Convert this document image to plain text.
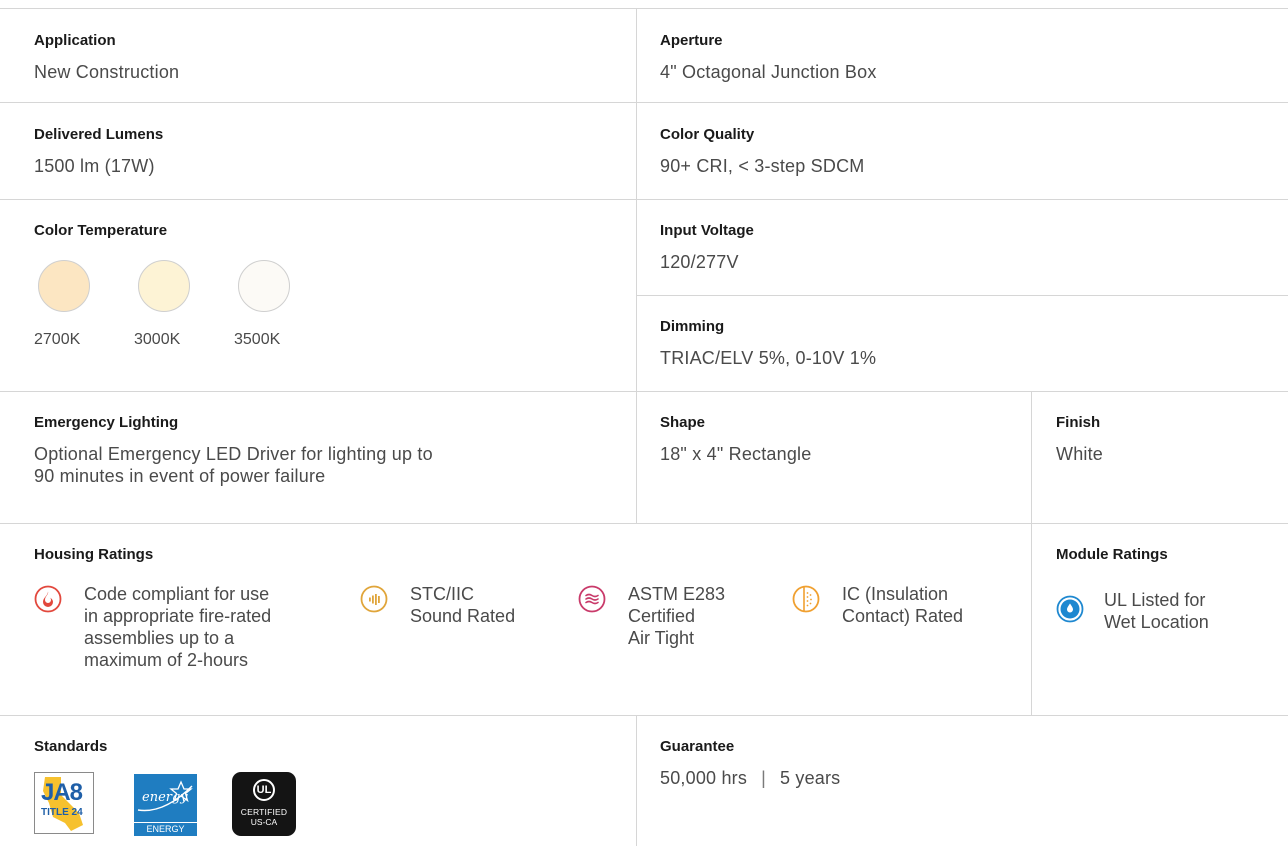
Application
New Construction
Aperture
4" Octagonal Junction Box
Delivered Lumens
1500 lm (17W)
Color Quality
90+ CRI, < 3-step SDCM
Color Temperature
2700K	3000K	3500K
Input Voltage
120/277V
Dimming
TRIAC/ELV 5%, 0-10V 1%
Emergency Lighting
Optional Emergency LED Driver for lighting up to
90 minutes in event of power failure
Shape
18" x 4" Rectangle
Finish
White
Housing Ratings
Code compliant for use
in appropriate fire-rated
assemblies up to a
maximum of 2-hours
STC/IIC
Sound Rated
ASTM E283
Certified
Air Tight
IC (Insulation
Contact) Rated
Module Ratings
UL Listed for
Wet Location
Standards
JA8
TITLE 24
energy
ENERGY STAR
UL
CERTIFIED
US-CA
Guarantee
50,000 hrs | 5 years
